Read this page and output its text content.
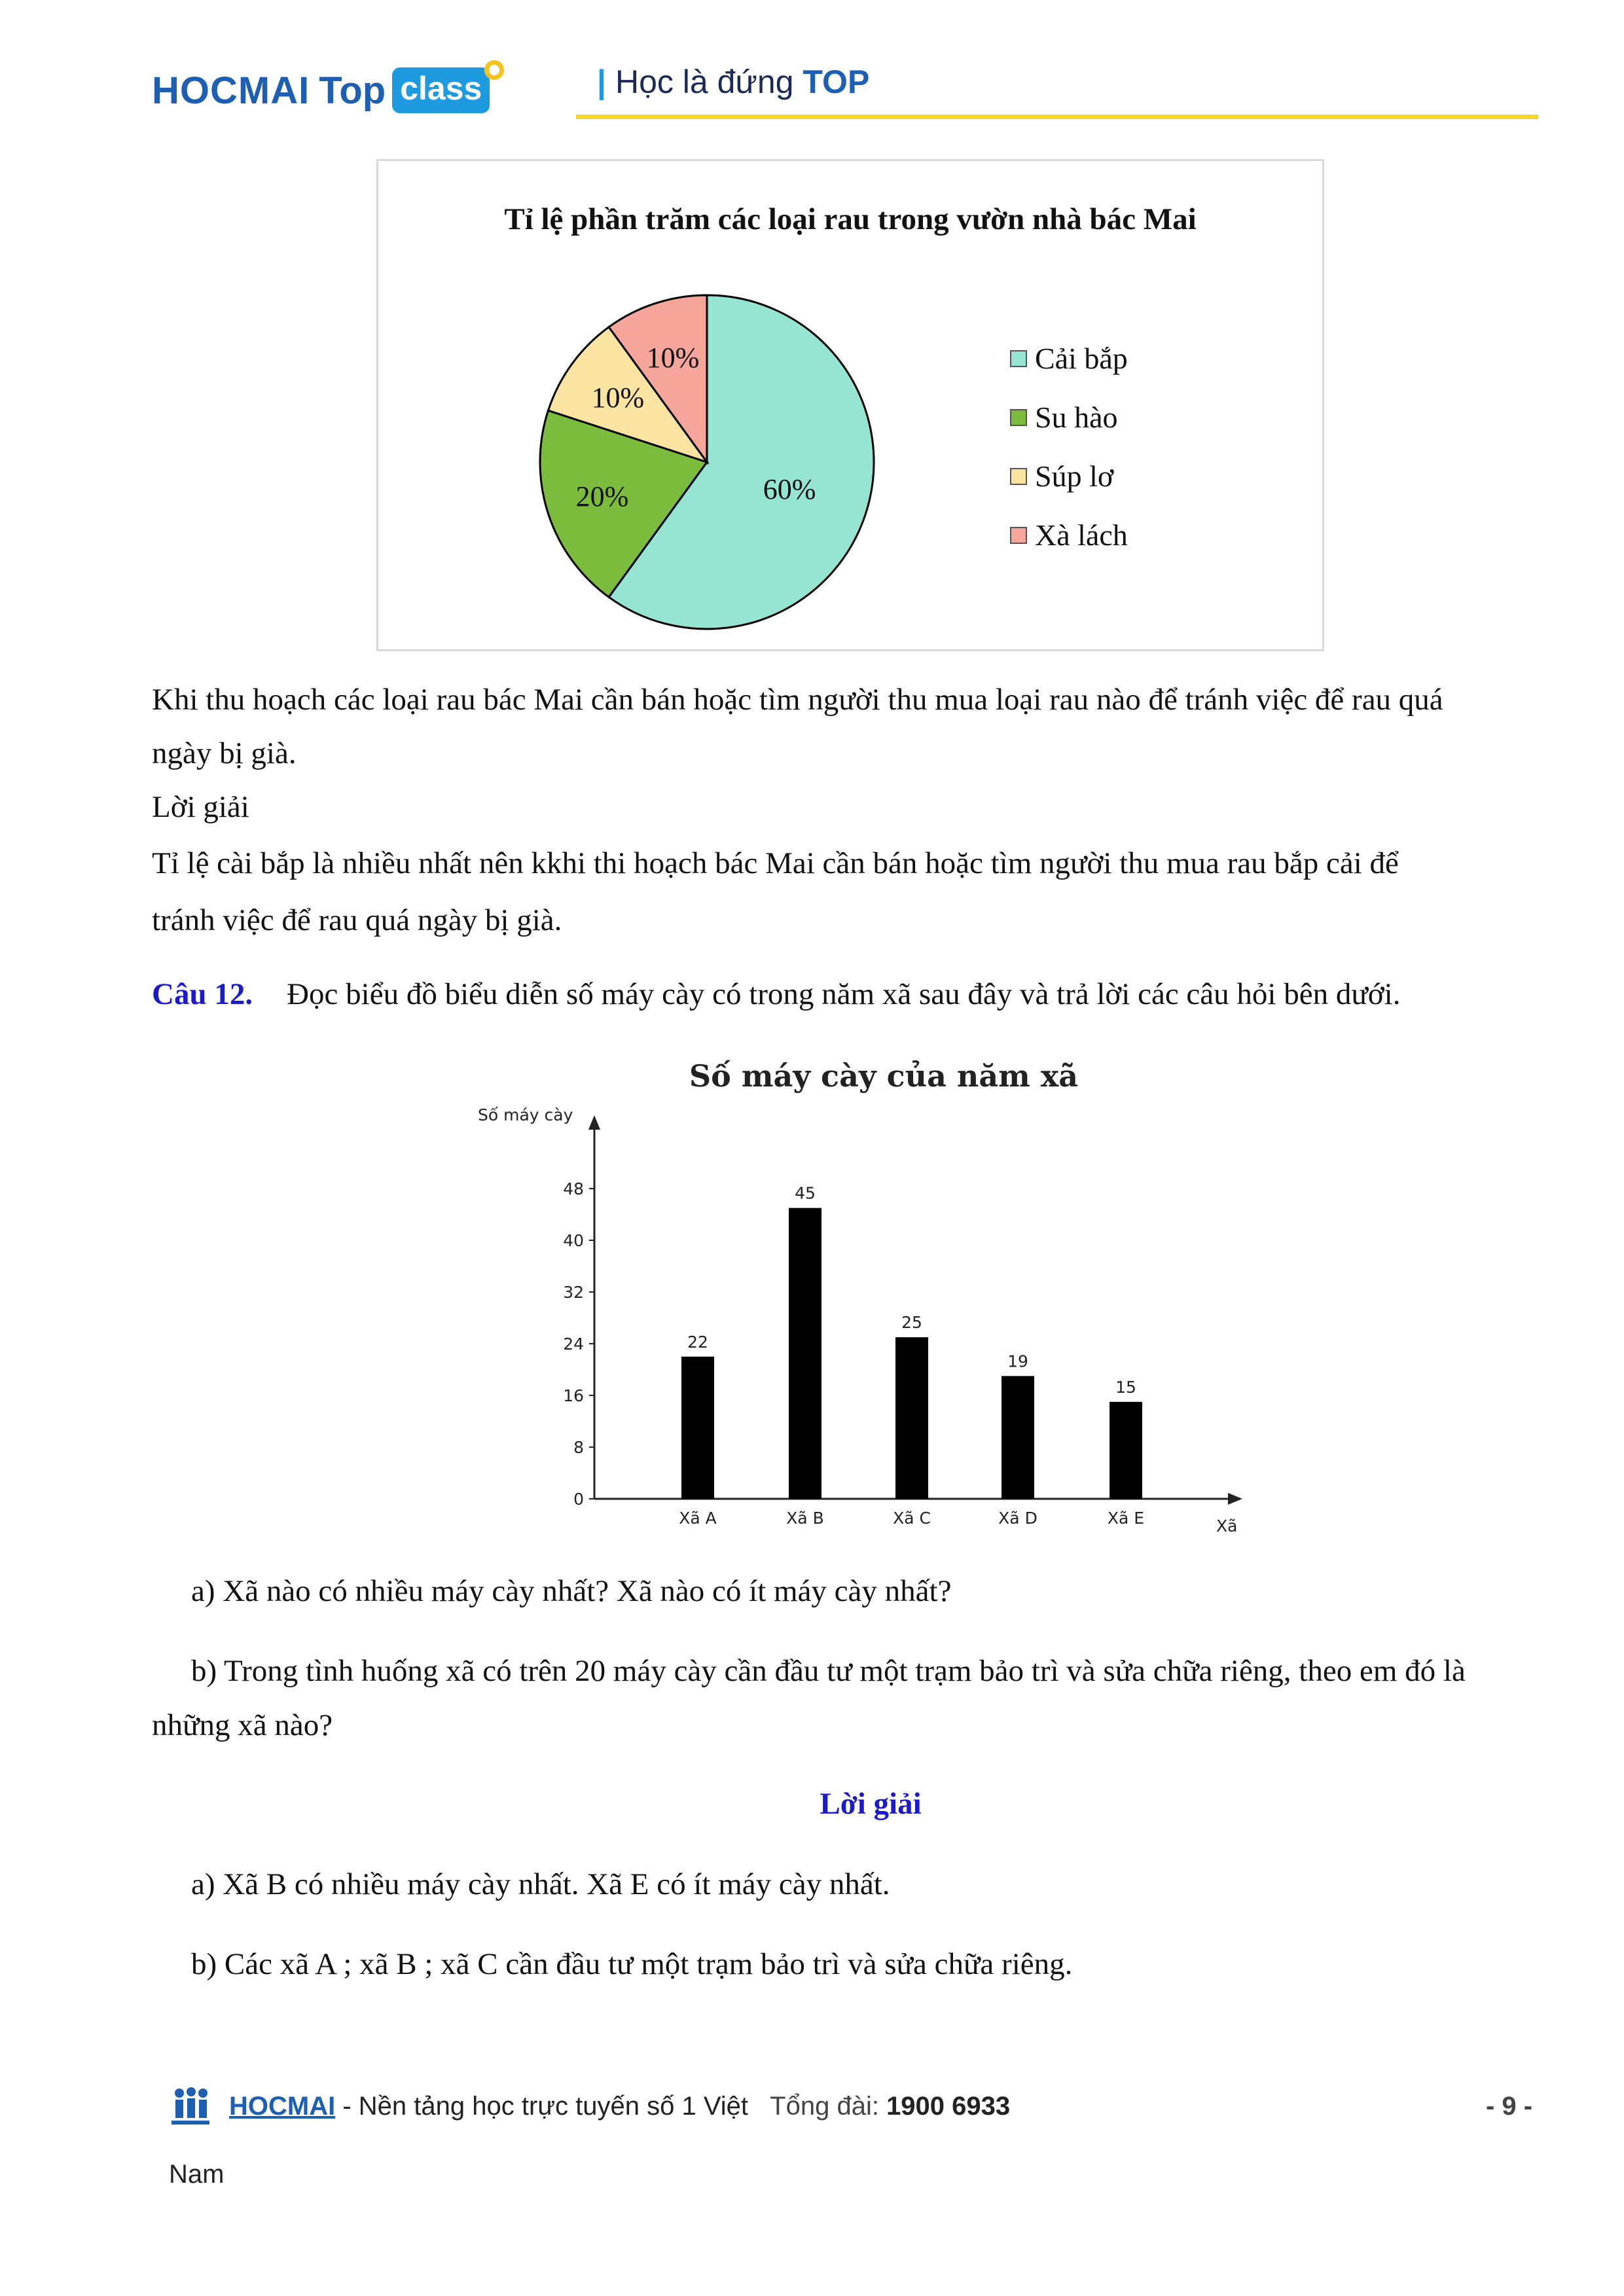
HOCMAI Top class	| Học là đứng TOP
60%
20%
10%
10%
Tỉ lệ phần trăm các loại rau trong vườn nhà bác Mai
Cải bắp
Su hào
Súp lơ
Xà lách
Khi thu hoạch các loại rau bác Mai cần bán hoặc tìm người thu mua loại rau nào để tránh việc để rau quá
ngày bị già.
Lời giải
Tỉ lệ cài bắp là nhiều nhất nên kkhi thi hoạch bác Mai cần bán hoặc tìm người thu mua rau bắp cải để
tránh việc để rau quá ngày bị già.
Câu 12. Đọc biểu đồ biểu diễn số máy cày có trong năm xã sau đây và trả lời các câu hỏi bên dưới.
Số máy cày của năm xã
Số máy cày
Xã
0
8
16
24
32
40
48
22
Xã A
45
Xã B
25
Xã C
19
Xã D
15
Xã E
a) Xã nào có nhiều máy cày nhất? Xã nào có ít máy cày nhất?
b) Trong tình huống xã có trên 20 máy cày cần đầu tư một trạm bảo trì và sửa chữa riêng, theo em đó là
những xã nào?
Lời giải
a) Xã B có nhiều máy cày nhất. Xã E có ít máy cày nhất.
b) Các xã A ; xã B ; xã C cần đầu tư một trạm bảo trì và sửa chữa riêng.
HOCMAI - Nền tảng học trực tuyến số 1 Việt Tổng đài: 1900 6933
Nam
- 9 -
